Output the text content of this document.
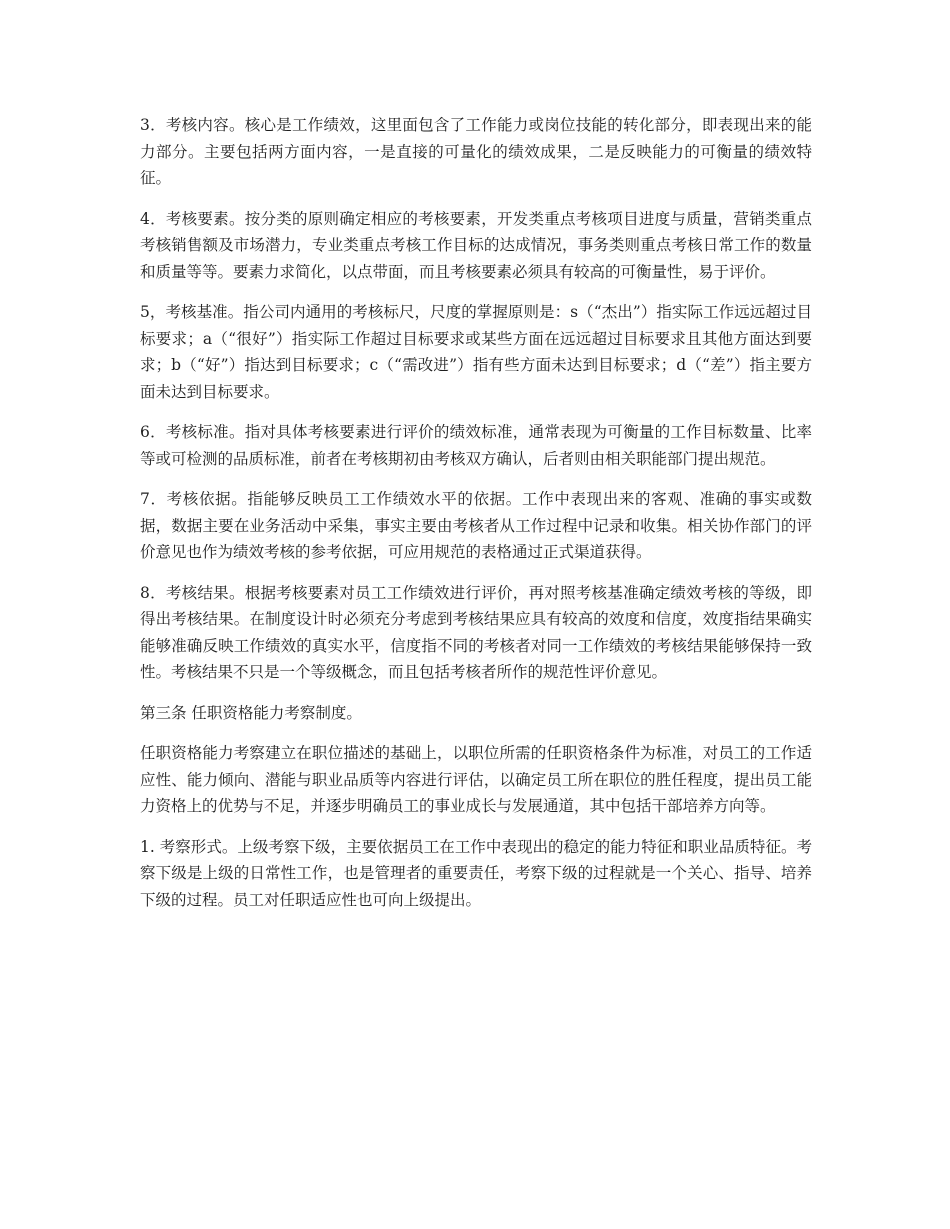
3．考核内容。核心是工作绩效，这里面包含了工作能力或岗位技能的转化部分，即表现出来的能力部分。主要包括两方面内容，一是直接的可量化的绩效成果，二是反映能力的可衡量的绩效特征。

4．考核要素。按分类的原则确定相应的考核要素，开发类重点考核项目进度与质量，营销类重点考核销售额及市场潜力，专业类重点考核工作目标的达成情况，事务类则重点考核日常工作的数量和质量等等。要素力求简化，以点带面，而且考核要素必须具有较高的可衡量性，易于评价。

5，考核基准。指公司内通用的考核标尺，尺度的掌握原则是：s（“杰出”）指实际工作远远超过目标要求；a（“很好”）指实际工作超过目标要求或某些方面在远远超过目标要求且其他方面达到要求；b（“好”）指达到目标要求；c（“需改进”）指有些方面未达到目标要求；d（“差”）指主要方面未达到目标要求。

6．考核标准。指对具体考核要素进行评价的绩效标准，通常表现为可衡量的工作目标数量、比率等或可检测的品质标准，前者在考核期初由考核双方确认，后者则由相关职能部门提出规范。

7．考核依据。指能够反映员工工作绩效水平的依据。工作中表现出来的客观、准确的事实或数据，数据主要在业务活动中采集，事实主要由考核者从工作过程中记录和收集。相关协作部门的评价意见也作为绩效考核的参考依据，可应用规范的表格通过正式渠道获得。

8．考核结果。根据考核要素对员工工作绩效进行评价，再对照考核基准确定绩效考核的等级，即得出考核结果。在制度设计时必须充分考虑到考核结果应具有较高的效度和信度，效度指结果确实能够准确反映工作绩效的真实水平，信度指不同的考核者对同一工作绩效的考核结果能够保持一致性。考核结果不只是一个等级概念，而且包括考核者所作的规范性评价意见。

第三条 任职资格能力考察制度。

任职资格能力考察建立在职位描述的基础上，以职位所需的任职资格条件为标准，对员工的工作适应性、能力倾向、潜能与职业品质等内容进行评估，以确定员工所在职位的胜任程度，提出员工能力资格上的优势与不足，并逐步明确员工的事业成长与发展通道，其中包括干部培养方向等。

1. 考察形式。上级考察下级，主要依据员工在工作中表现出的稳定的能力特征和职业品质特征。考察下级是上级的日常性工作，也是管理者的重要责任，考察下级的过程就是一个关心、指导、培养下级的过程。员工对任职适应性也可向上级提出。
